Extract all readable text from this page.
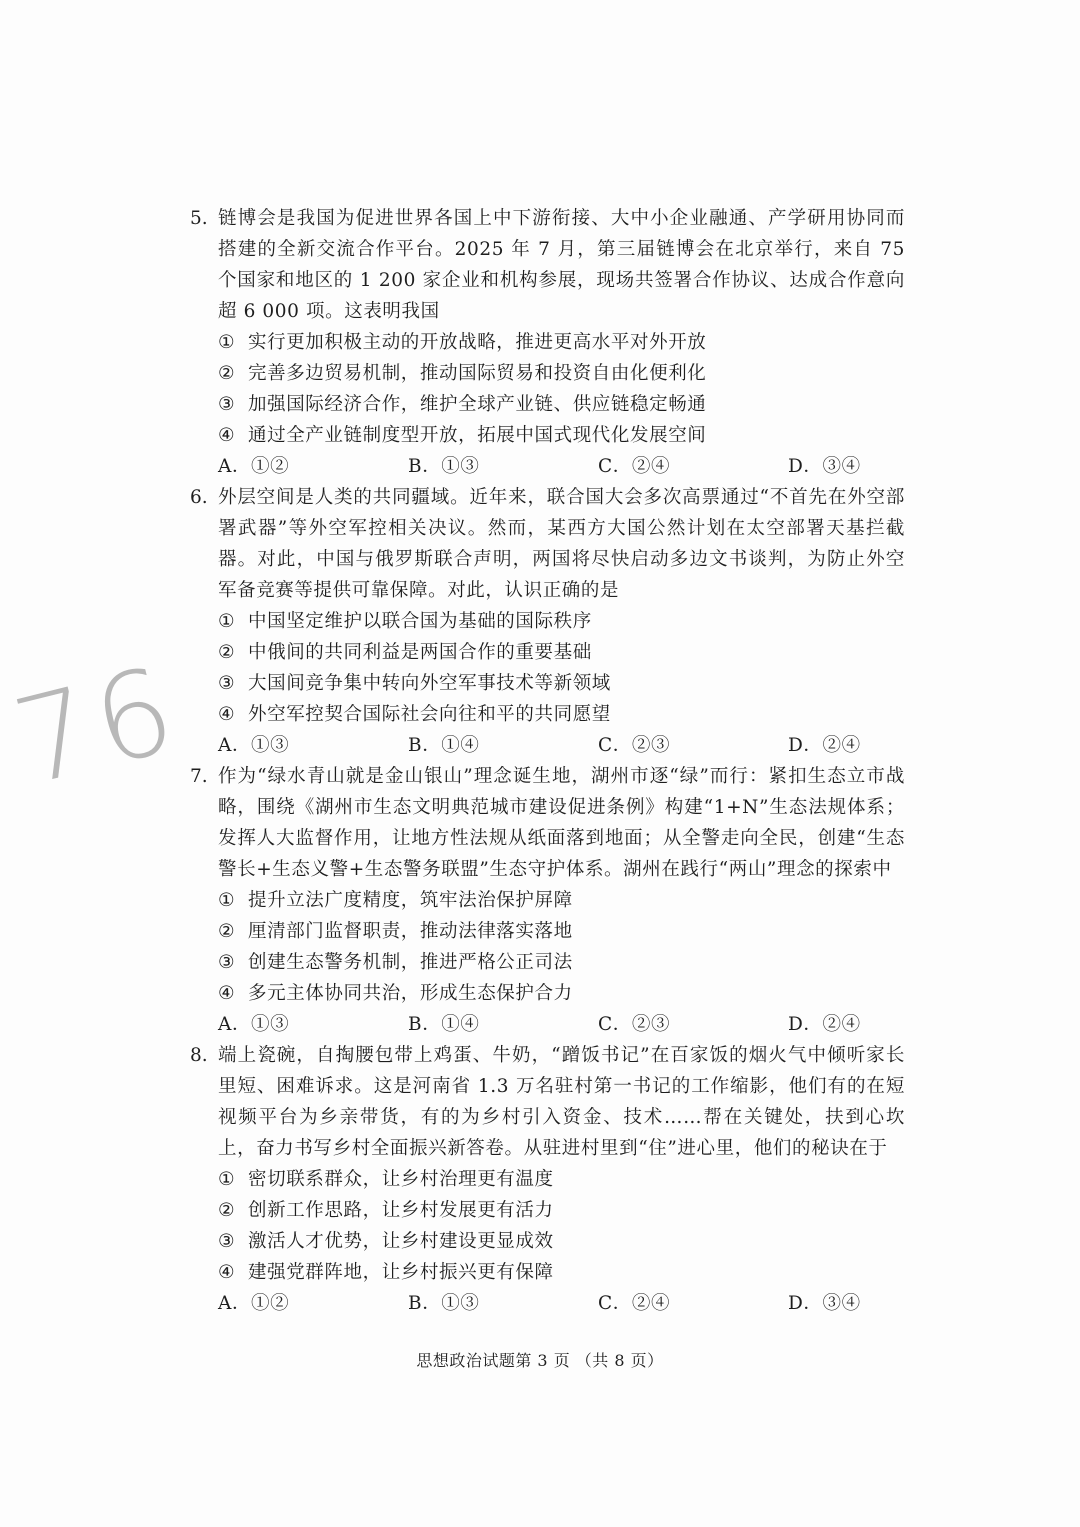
76
5. 链博会是我国为促进世界各国上中下游衔接、大中小企业融通、产学研用协同而搭建的全新交流合作平台。2025 年 7 月，第三届链博会在北京举行，来自 75 个国家和地区的 1 200 家企业和机构参展，现场共签署合作协议、达成合作意向超 6 000 项。这表明我国
① 实行更加积极主动的开放战略，推进更高水平对外开放
② 完善多边贸易机制，推动国际贸易和投资自由化便利化
③ 加强国际经济合作，维护全球产业链、供应链稳定畅通
④ 通过全产业链制度型开放，拓展中国式现代化发展空间
A．①②	B．①③	C．②④	D．③④
6. 外层空间是人类的共同疆域。近年来，联合国大会多次高票通过“不首先在外空部署武器”等外空军控相关决议。然而，某西方大国公然计划在太空部署天基拦截器。对此，中国与俄罗斯联合声明，两国将尽快启动多边文书谈判，为防止外空军备竞赛等提供可靠保障。对此，认识正确的是
① 中国坚定维护以联合国为基础的国际秩序
② 中俄间的共同利益是两国合作的重要基础
③ 大国间竞争集中转向外空军事技术等新领域
④ 外空军控契合国际社会向往和平的共同愿望
A．①③	B．①④	C．②③	D．②④
7. 作为“绿水青山就是金山银山”理念诞生地，湖州市逐“绿”而行：紧扣生态立市战略，围绕《湖州市生态文明典范城市建设促进条例》构建“1+N”生态法规体系；发挥人大监督作用，让地方性法规从纸面落到地面；从全警走向全民，创建“生态警长+生态义警+生态警务联盟”生态守护体系。湖州在践行“两山”理念的探索中
① 提升立法广度精度，筑牢法治保护屏障
② 厘清部门监督职责，推动法律落实落地
③ 创建生态警务机制，推进严格公正司法
④ 多元主体协同共治，形成生态保护合力
A．①③	B．①④	C．②③	D．②④
8. 端上瓷碗，自掏腰包带上鸡蛋、牛奶，“蹭饭书记”在百家饭的烟火气中倾听家长里短、困难诉求。这是河南省 1.3 万名驻村第一书记的工作缩影，他们有的在短视频平台为乡亲带货，有的为乡村引入资金、技术……帮在关键处，扶到心坎上，奋力书写乡村全面振兴新答卷。从驻进村里到“住”进心里，他们的秘诀在于
① 密切联系群众，让乡村治理更有温度
② 创新工作思路，让乡村发展更有活力
③ 激活人才优势，让乡村建设更显成效
④ 建强党群阵地，让乡村振兴更有保障
A．①②	B．①③	C．②④	D．③④
思想政治试题第 3 页 （共 8 页）
